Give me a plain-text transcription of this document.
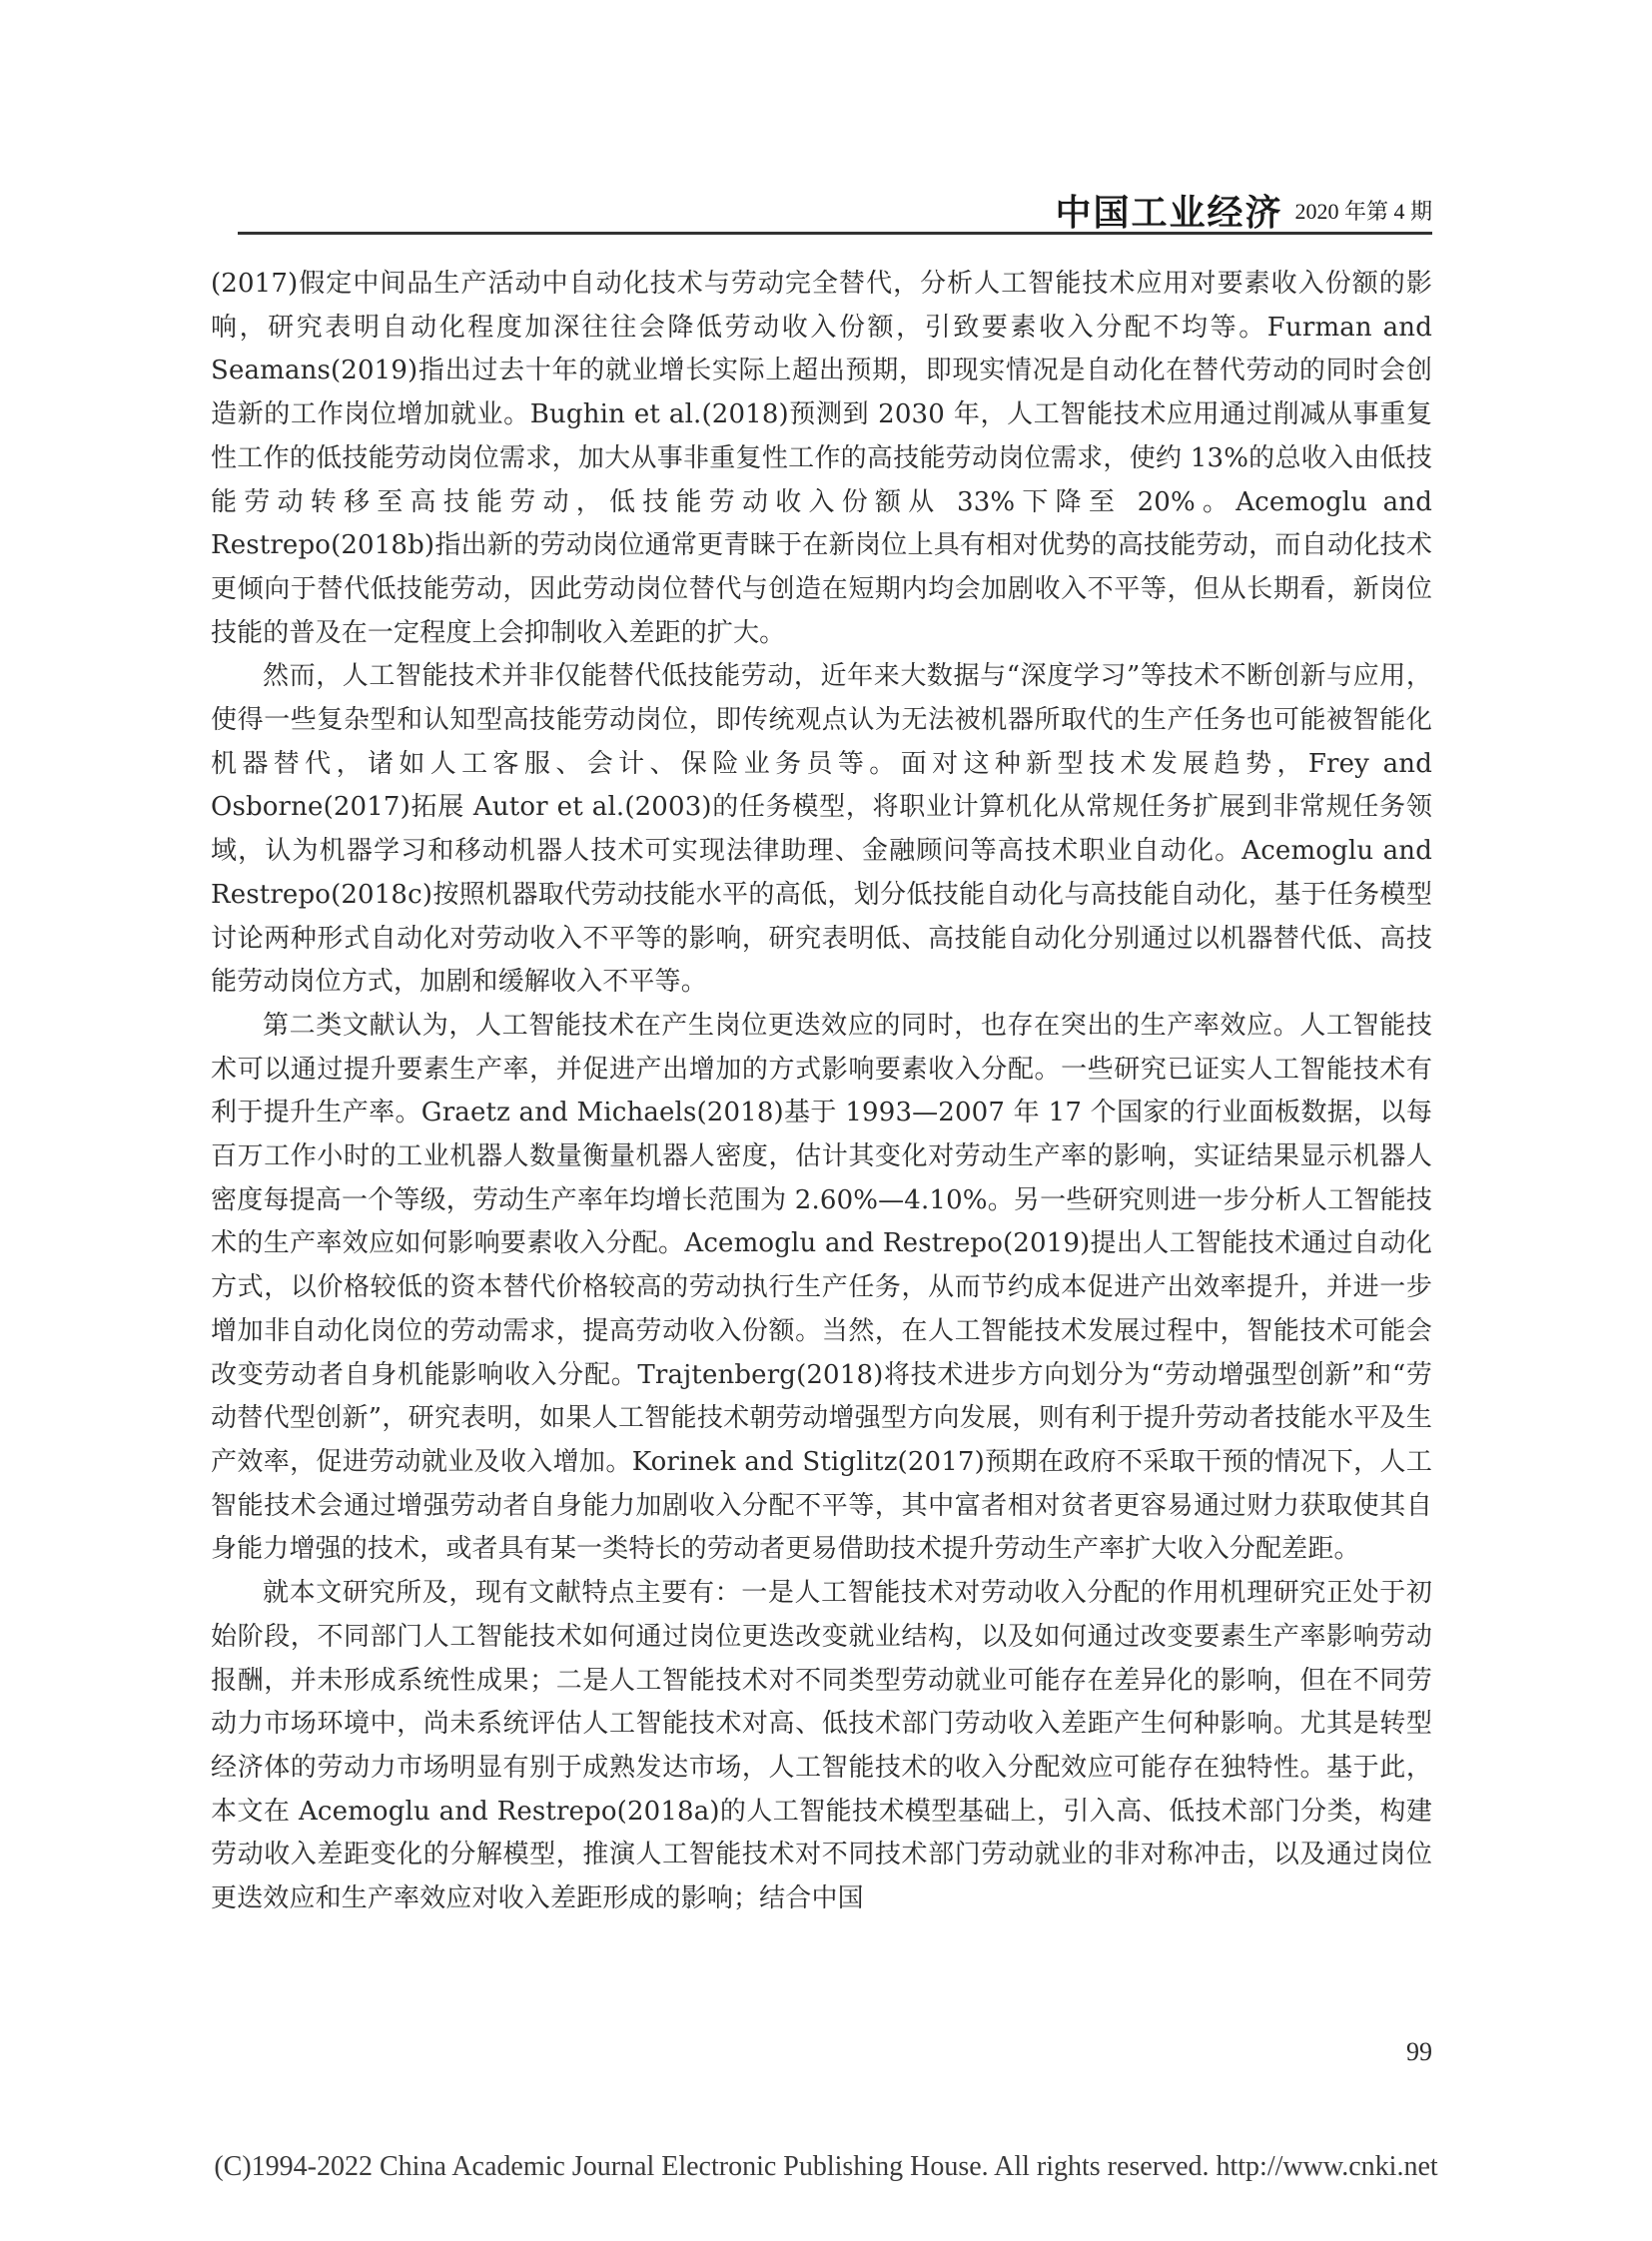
中国工业经济 2020 年第 4 期

(2017)假定中间品生产活动中自动化技术与劳动完全替代，分析人工智能技术应用对要素收入份额的影响，研究表明自动化程度加深往往会降低劳动收入份额，引致要素收入分配不均等。Furman and Seamans(2019)指出过去十年的就业增长实际上超出预期，即现实情况是自动化在替代劳动的同时会创造新的工作岗位增加就业。Bughin et al.(2018)预测到 2030 年，人工智能技术应用通过削减从事重复性工作的低技能劳动岗位需求，加大从事非重复性工作的高技能劳动岗位需求，使约 13%的总收入由低技能劳动转移至高技能劳动，低技能劳动收入份额从 33%下降至 20%。Acemoglu and Restrepo(2018b)指出新的劳动岗位通常更青睐于在新岗位上具有相对优势的高技能劳动，而自动化技术更倾向于替代低技能劳动，因此劳动岗位替代与创造在短期内均会加剧收入不平等，但从长期看，新岗位技能的普及在一定程度上会抑制收入差距的扩大。

然而，人工智能技术并非仅能替代低技能劳动，近年来大数据与“深度学习”等技术不断创新与应用，使得一些复杂型和认知型高技能劳动岗位，即传统观点认为无法被机器所取代的生产任务也可能被智能化机器替代，诸如人工客服、会计、保险业务员等。面对这种新型技术发展趋势，Frey and Osborne(2017)拓展 Autor et al.(2003)的任务模型，将职业计算机化从常规任务扩展到非常规任务领域，认为机器学习和移动机器人技术可实现法律助理、金融顾问等高技术职业自动化。Acemoglu and Restrepo(2018c)按照机器取代劳动技能水平的高低，划分低技能自动化与高技能自动化，基于任务模型讨论两种形式自动化对劳动收入不平等的影响，研究表明低、高技能自动化分别通过以机器替代低、高技能劳动岗位方式，加剧和缓解收入不平等。

第二类文献认为，人工智能技术在产生岗位更迭效应的同时，也存在突出的生产率效应。人工智能技术可以通过提升要素生产率，并促进产出增加的方式影响要素收入分配。一些研究已证实人工智能技术有利于提升生产率。Graetz and Michaels(2018)基于 1993—2007 年 17 个国家的行业面板数据，以每百万工作小时的工业机器人数量衡量机器人密度，估计其变化对劳动生产率的影响，实证结果显示机器人密度每提高一个等级，劳动生产率年均增长范围为 2.60%—4.10%。另一些研究则进一步分析人工智能技术的生产率效应如何影响要素收入分配。Acemoglu and Restrepo(2019)提出人工智能技术通过自动化方式，以价格较低的资本替代价格较高的劳动执行生产任务，从而节约成本促进产出效率提升，并进一步增加非自动化岗位的劳动需求，提高劳动收入份额。当然，在人工智能技术发展过程中，智能技术可能会改变劳动者自身机能影响收入分配。Trajtenberg(2018)将技术进步方向划分为“劳动增强型创新”和“劳动替代型创新”，研究表明，如果人工智能技术朝劳动增强型方向发展，则有利于提升劳动者技能水平及生产效率，促进劳动就业及收入增加。Korinek and Stiglitz(2017)预期在政府不采取干预的情况下，人工智能技术会通过增强劳动者自身能力加剧收入分配不平等，其中富者相对贫者更容易通过财力获取使其自身能力增强的技术，或者具有某一类特长的劳动者更易借助技术提升劳动生产率扩大收入分配差距。

就本文研究所及，现有文献特点主要有：一是人工智能技术对劳动收入分配的作用机理研究正处于初始阶段，不同部门人工智能技术如何通过岗位更迭改变就业结构，以及如何通过改变要素生产率影响劳动报酬，并未形成系统性成果；二是人工智能技术对不同类型劳动就业可能存在差异化的影响，但在不同劳动力市场环境中，尚未系统评估人工智能技术对高、低技术部门劳动收入差距产生何种影响。尤其是转型经济体的劳动力市场明显有别于成熟发达市场，人工智能技术的收入分配效应可能存在独特性。基于此，本文在 Acemoglu and Restrepo(2018a)的人工智能技术模型基础上，引入高、低技术部门分类，构建劳动收入差距变化的分解模型，推演人工智能技术对不同技术部门劳动就业的非对称冲击，以及通过岗位更迭效应和生产率效应对收入差距形成的影响；结合中国

99
(C)1994-2022 China Academic Journal Electronic Publishing House. All rights reserved. http://www.cnki.net
